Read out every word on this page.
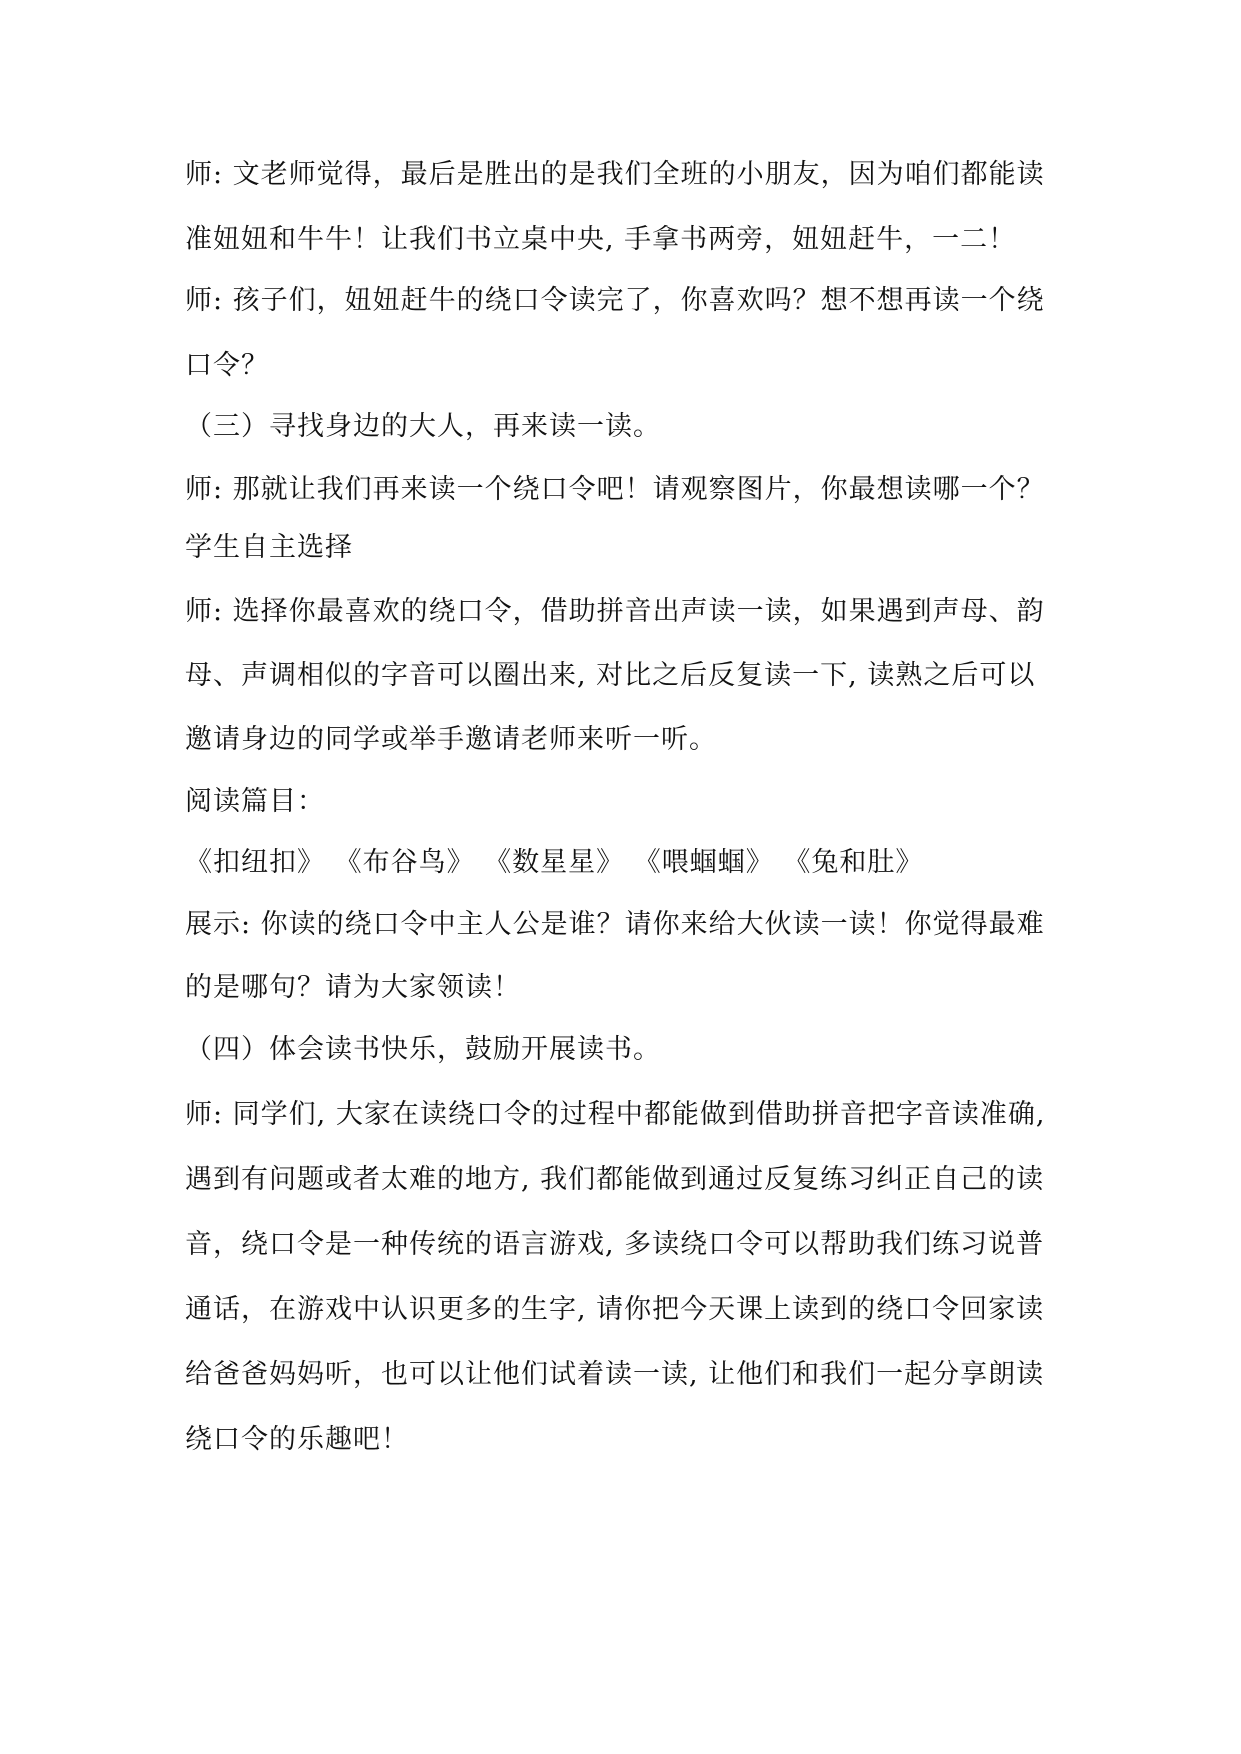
师: 文老师觉得，最后是胜出的是我们全班的小朋友，因为咱们都能读
准妞妞和牛牛！让我们书立桌中央, 手拿书两旁，妞妞赶牛，一二！
师: 孩子们，妞妞赶牛的绕口令读完了，你喜欢吗？想不想再读一个绕
口令？
（三）寻找身边的大人，再来读一读。
师: 那就让我们再来读一个绕口令吧！请观察图片，你最想读哪一个？
学生自主选择
师: 选择你最喜欢的绕口令，借助拼音出声读一读，如果遇到声母、韵
母、声调相似的字音可以圈出来, 对比之后反复读一下, 读熟之后可以
邀请身边的同学或举手邀请老师来听一听。
阅读篇目：
《扣纽扣》 《布谷鸟》 《数星星》 《喂蝈蝈》 《兔和肚》
展示: 你读的绕口令中主人公是谁？请你来给大伙读一读！你觉得最难
的是哪句？请为大家领读！
（四）体会读书快乐，鼓励开展读书。
师: 同学们, 大家在读绕口令的过程中都能做到借助拼音把字音读准确,
遇到有问题或者太难的地方, 我们都能做到通过反复练习纠正自己的读
音，绕口令是一种传统的语言游戏, 多读绕口令可以帮助我们练习说普
通话，在游戏中认识更多的生字, 请你把今天课上读到的绕口令回家读
给爸爸妈妈听，也可以让他们试着读一读, 让他们和我们一起分享朗读
绕口令的乐趣吧！
